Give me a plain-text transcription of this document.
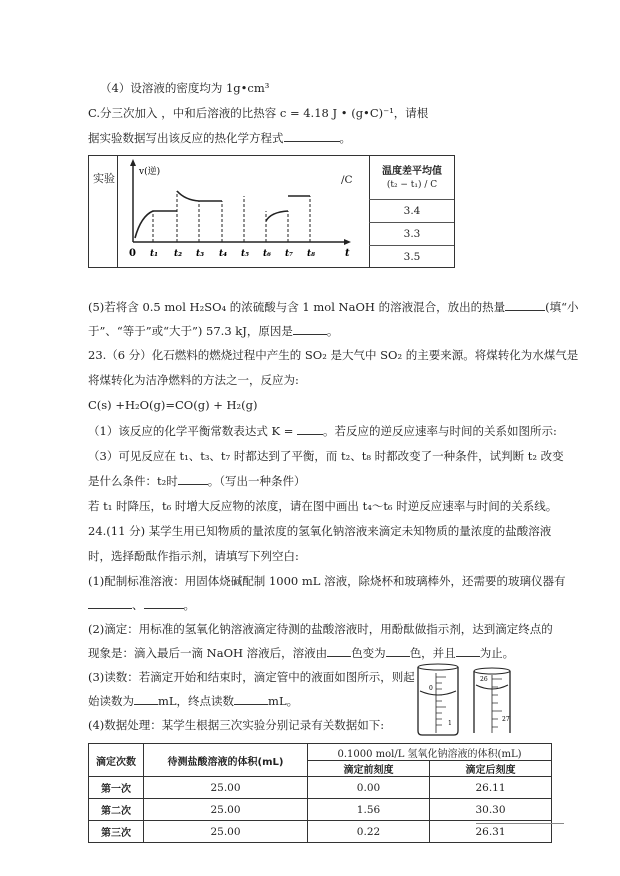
（4）设溶液的密度均为 1g•cm³
C.分三次加入 ，中和后溶液的比热容 c = 4.18 J • (g•C)⁻¹，请根
据实验数据写出该反应的热化学方程式	。
实验	/C
温度差平均值
(t₂ − t₁) / C
3.4
3.3
3.5
v(逆)
0 t₁ t₂ t₃ t₄ t₅ t₆ t₇ t₈	t
(5)若将含 0.5 mol H₂SO₄ 的浓硫酸与含 1 mol NaOH 的溶液混合，放出的热量	(填“小
于”、“等于”或“大于”) 57.3 kJ，原因是	。
23.（6 分）化石燃料的燃烧过程中产生的 SO₂ 是大气中 SO₂ 的主要来源。将煤转化为水煤气是
将煤转化为洁净燃料的方法之一，反应为:
C(s) +H₂O(g)=CO(g) + H₂(g)
（1）该反应的化学平衡常数表达式 K =	。若反应的逆反应速率与时间的关系如图所示:
（3）可见反应在 t₁、t₃、t₇ 时都达到了平衡，而 t₂、t₈ 时都改变了一种条件，试判断 t₂ 改变
是什么条件：t₂时	。（写出一种条件）
若 t₁ 时降压，t₆ 时增大反应物的浓度，请在图中画出 t₄～t₆ 时逆反应速率与时间的关系线。
24.(11 分) 某学生用已知物质的量浓度的氢氧化钠溶液来滴定未知物质的量浓度的盐酸溶液
时，选择酚酞作指示剂，请填写下列空白:
(1)配制标准溶液：用固体烧碱配制 1000 mL 溶液，除烧杯和玻璃棒外，还需要的玻璃仪器有
、	。
(2)滴定：用标准的氢氧化钠溶液滴定待测的盐酸溶液时，用酚酞做指示剂，达到滴定终点的
现象是：滴入最后一滴 NaOH 溶液后，溶液由 色变为 色，并且 为止。
(3)读数：若滴定开始和结束时，滴定管中的液面如图所示，则起
始读数为 mL，终点读数	mL。
(4)数据处理：某学生根据三次实验分别记录有关数据如下:
0
1
26
27
滴定次数	待测盐酸溶液的体积(mL)	0.1000 mol/L 氢氧化钠溶液的体积(mL)	
		滴定前刻度	滴定后刻度
第一次	25.00	0.00	26.11
第二次	25.00	1.56	30.30
第三次	25.00	0.22	26.31
